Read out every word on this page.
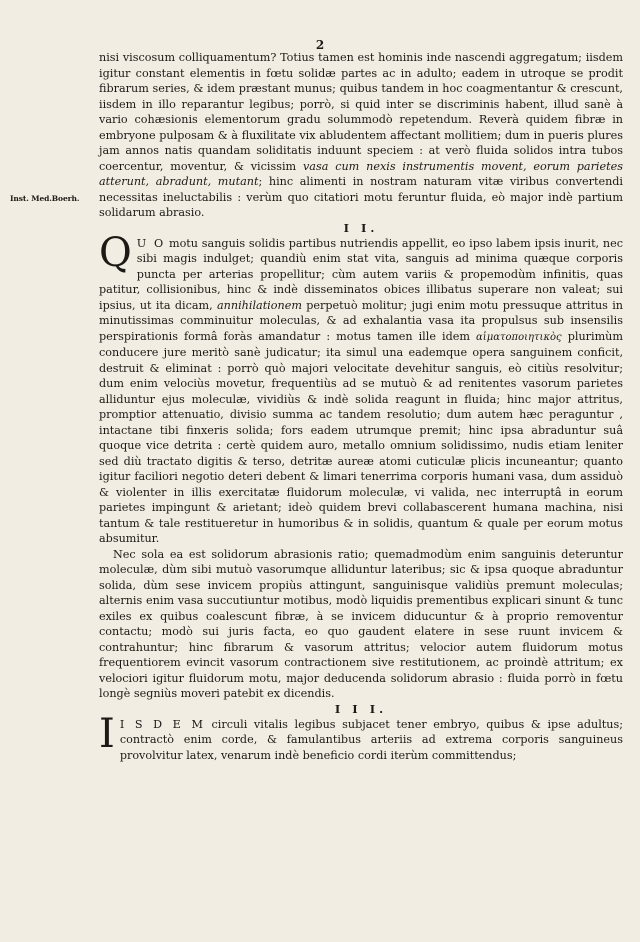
2
Inst. Med.Boerh.

nisi viscosum colliquamentum? Totius tamen est hominis inde nascendi aggregatum; iisdem igitur constant elementis in fœtu solidæ partes ac in adulto; eadem in utroque se prodit fibrarum series, & idem præstant munus; quibus tandem in hoc coagmentantur & crescunt, iisdem in illo reparantur legibus; porrò, si quid inter se discriminis habent, illud sanè à vario cohæsionis elementorum gradu solummodò repetendum. Reverà quidem fibræ in embryone pulposam & à fluxilitate vix abludentem affectant mollitiem; dum in pueris plures jam annos natis quandam soliditatis induunt speciem : at verò fluida solidos intra tubos coercentur, moventur, & vicissim vasa cum nexis instrumentis movent, eorum parietes atterunt, abradunt, mutant; hinc alimenti in nostram naturam vitæ viribus convertendi necessitas ineluctabilis : verùm quo citatiori motu feruntur fluida, eò major indè partium solidarum abrasio.

I I.

Q U O motu sanguis solidis partibus nutriendis appellit, eo ipso labem ipsis inurit, nec sibi magis indulget; quandiù enim stat vita, sanguis ad minima quæque corporis puncta per arterias propellitur; cùm autem variis & propemodùm infinitis, quas patitur, collisionibus, hinc & indè disseminatos obices illibatus superare non valeat; sui ipsius, ut ita dicam, annihilationem perpetuò molitur; jugi enim motu pressuque attritus in minutissimas comminuitur moleculas, & ad exhalantia vasa ita propulsus sub insensilis perspirationis formâ foràs amandatur : motus tamen ille idem αἱματοποιητικὸς plurimùm conducere jure meritò sanè judicatur; ita simul una eademque opera sanguinem conficit, destruit & eliminat : porrò quò majori velocitate devehitur sanguis, eò citiùs resolvitur; dum enim velociùs movetur, frequentiùs ad se mutuò & ad renitentes vasorum parietes alliduntur ejus moleculæ, vividiùs & indè solida reagunt in fluida; hinc major attritus, promptior attenuatio, divisio summa ac tandem resolutio; dum autem hæc peraguntur , intactane tibi finxeris solida; fors eadem utrumque premit; hinc ipsa abraduntur suâ quoque vice detrita : certè quidem auro, metallo omnium solidissimo, nudis etiam leniter sed diù tractato digitis & terso, detritæ aureæ atomi cuticulæ plicis incuneantur; quanto igitur faciliori negotio deteri debent & limari tenerrima corporis humani vasa, dum assiduò & violenter in illis exercitatæ fluidorum moleculæ, vi valida, nec interruptâ in eorum parietes impingunt & arietant; ideò quidem brevi collabascerent humana machina, nisi tantum & tale restitueretur in humoribus & in solidis, quantum & quale per eorum motus absumitur.

Nec sola ea est solidorum abrasionis ratio; quemadmodùm enim sanguinis deteruntur moleculæ, dùm sibi mutuò vasorumque alliduntur lateribus; sic & ipsa quoque abraduntur solida, dùm sese invicem propiùs attingunt, sanguinisque validiùs premunt moleculas; alternis enim vasa succutiuntur motibus, modò liquidis prementibus explicari sinunt & tunc exiles ex quibus coalescunt fibræ, à se invicem diducuntur & à proprio removentur contactu; modò sui juris facta, eo quo gaudent elatere in sese ruunt invicem & contrahuntur; hinc fibrarum & vasorum attritus; velocior autem fluidorum motus frequentiorem evincit vasorum contractionem sive restitutionem, ac proindè attritum; ex velociori igitur fluidorum motu, major deducenda solidorum abrasio : fluida porrò in fœtu longè segniùs moveri patebit ex dicendis.

I I I.

I I S D E M circuli vitalis legibus subjacet tener embryo, quibus & ipse adultus; contractò enim corde, & famulantibus arteriis ad extrema corporis sanguineus provolvitur latex, venarum indè beneficio cordi iterùm committendus;
